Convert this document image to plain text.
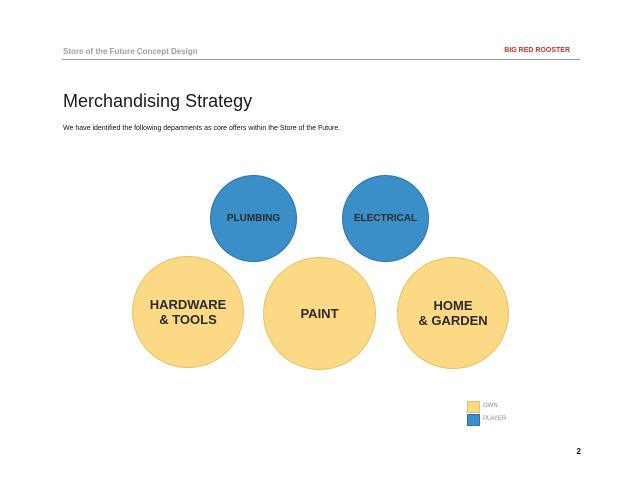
Store of the Future Concept Design	BIG RED ROOSTER
Merchandising Strategy
We have identified the following departments as core offers within the Store of the Future.
PLUMBING	ELECTRICAL
HARDWARE
& TOOLS	PAINT
HOME
& GARDEN
OWN
PLAYER
2
